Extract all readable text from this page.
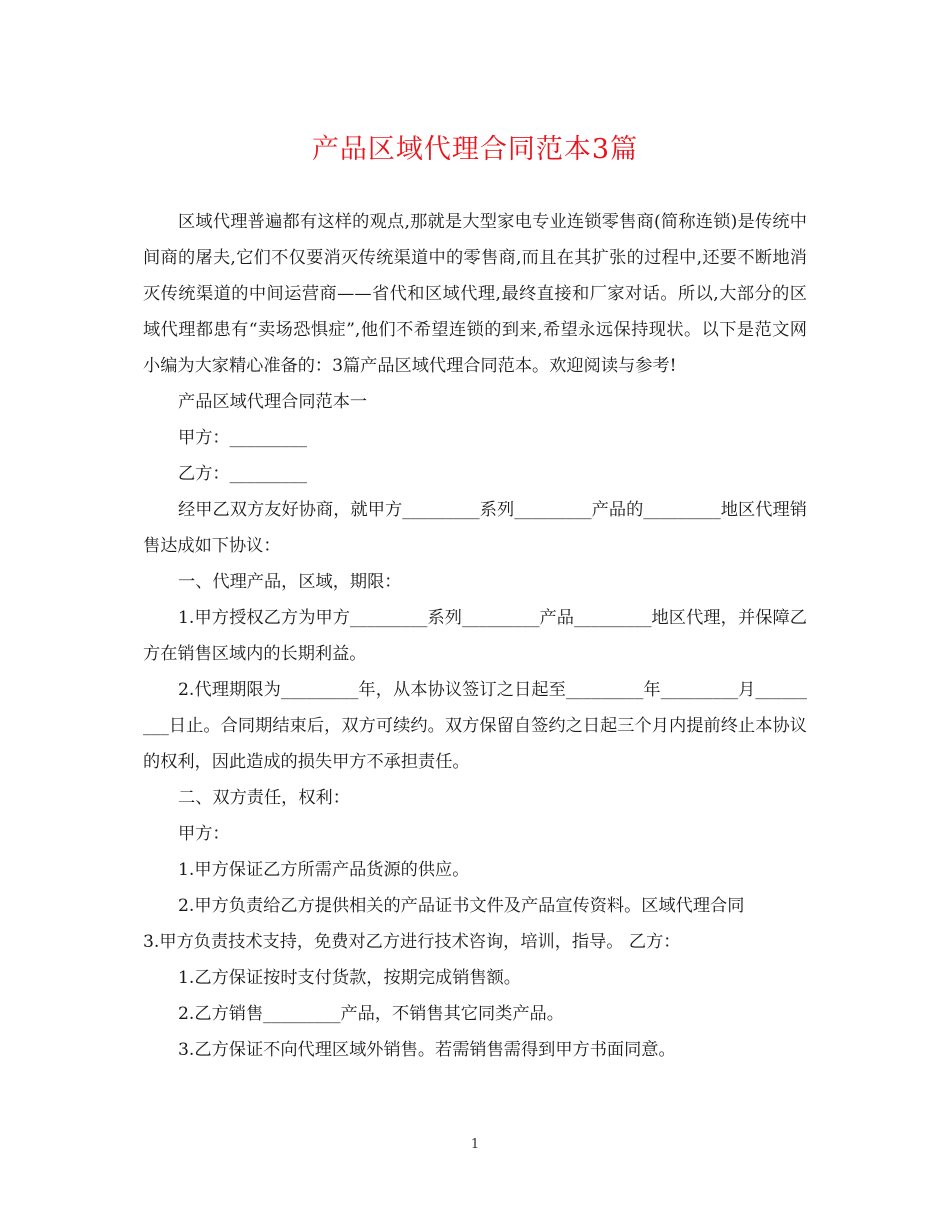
产品区域代理合同范本3篇

区域代理普遍都有这样的观点,那就是大型家电专业连锁零售商(简称连锁)是传统中间商的屠夫,它们不仅要消灭传统渠道中的零售商,而且在其扩张的过程中,还要不断地消灭传统渠道的中间运营商——省代和区域代理,最终直接和厂家对话。所以,大部分的区域代理都患有“卖场恐惧症”,他们不希望连锁的到来,希望永远保持现状。以下是范文网小编为大家精心准备的：3篇产品区域代理合同范本。欢迎阅读与参考!

产品区域代理合同范本一

甲方：_________

乙方：_________

经甲乙双方友好协商，就甲方_________系列_________产品的_________地区代理销售达成如下协议：

一、代理产品，区域，期限：

1.甲方授权乙方为甲方_________系列_________产品_________地区代理，并保障乙方在销售区域内的长期利益。

2.代理期限为_________年，从本协议签订之日起至_________年_________月_________日止。合同期结束后，双方可续约。双方保留自签约之日起三个月内提前终止本协议的权利，因此造成的损失甲方不承担责任。

二、双方责任，权利：

甲方：

1.甲方保证乙方所需产品货源的供应。

2.甲方负责给乙方提供相关的产品证书文件及产品宣传资料。区域代理合同

3.甲方负责技术支持，免费对乙方进行技术咨询，培训，指导。 乙方：

1.乙方保证按时支付货款，按期完成销售额。

2.乙方销售_________产品，不销售其它同类产品。

3.乙方保证不向代理区域外销售。若需销售需得到甲方书面同意。

1
